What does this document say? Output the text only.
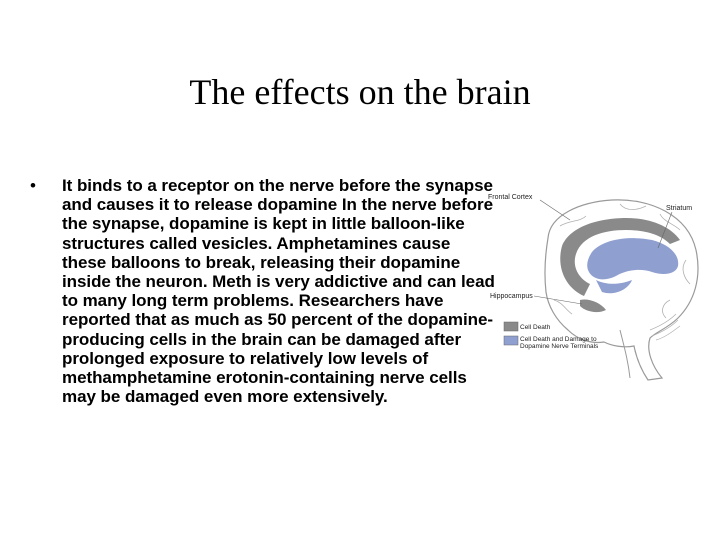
The effects on the brain
• It binds to a receptor on the nerve before the synapse and causes it to release dopamine In the nerve before the synapse, dopamine is kept in little balloon-like structures called vesicles. Amphetamines cause these balloons to break, releasing their dopamine inside the neuron. Meth is very addictive and can lead to many long term problems. Researchers have reported that as much as 50 percent of the dopamine-producing cells in the brain can be damaged after prolonged exposure to relatively low levels of methamphetamine erotonin-containing nerve cells may be damaged even more extensively.
Frontal Cortex
Striatum
Hippocampus
Cell Death
Cell Death and Damage to
Dopamine Nerve Terminals
